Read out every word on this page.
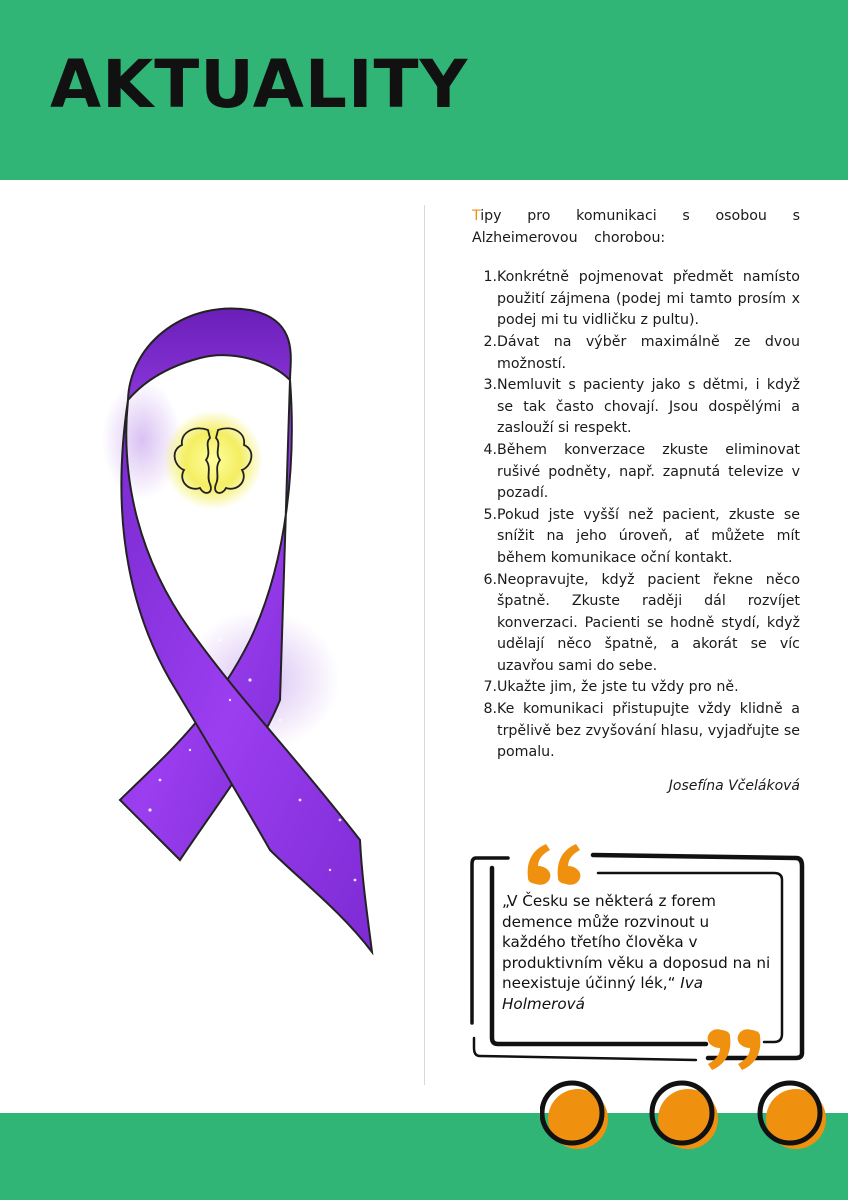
AKTUALITY

Tipy pro komunikaci s osobou s Alzheimerovou chorobou:

1. Konkrétně pojmenovat předmět namísto použití zájmena (podej mi tamto prosím x podej mi tu vidličku z pultu).
2. Dávat na výběr maximálně ze dvou možností.
3. Nemluvit s pacienty jako s dětmi, i když se tak často chovají. Jsou dospělými a zaslouží si respekt.
4. Během konverzace zkuste eliminovat rušivé podněty, např. zapnutá televize v pozadí.
5. Pokud jste vyšší než pacient, zkuste se snížit na jeho úroveň, ať můžete mít během komunikace oční kontakt.
6. Neopravujte, když pacient řekne něco špatně. Zkuste raději dál rozvíjet konverzaci. Pacienti se hodně stydí, když udělají něco špatně, a akorát se víc uzavřou sami do sebe.
7. Ukažte jim, že jste tu vždy pro ně.
8. Ke komunikaci přistupujte vždy klidně a trpělivě bez zvyšování hlasu, vyjadřujte se pomalu.

Josefína Včeláková

„V Česku se některá z forem demence může rozvinout u každého třetího člověka v produktivním věku a doposud na ni neexistuje účinný lék,“ Iva Holmerová
